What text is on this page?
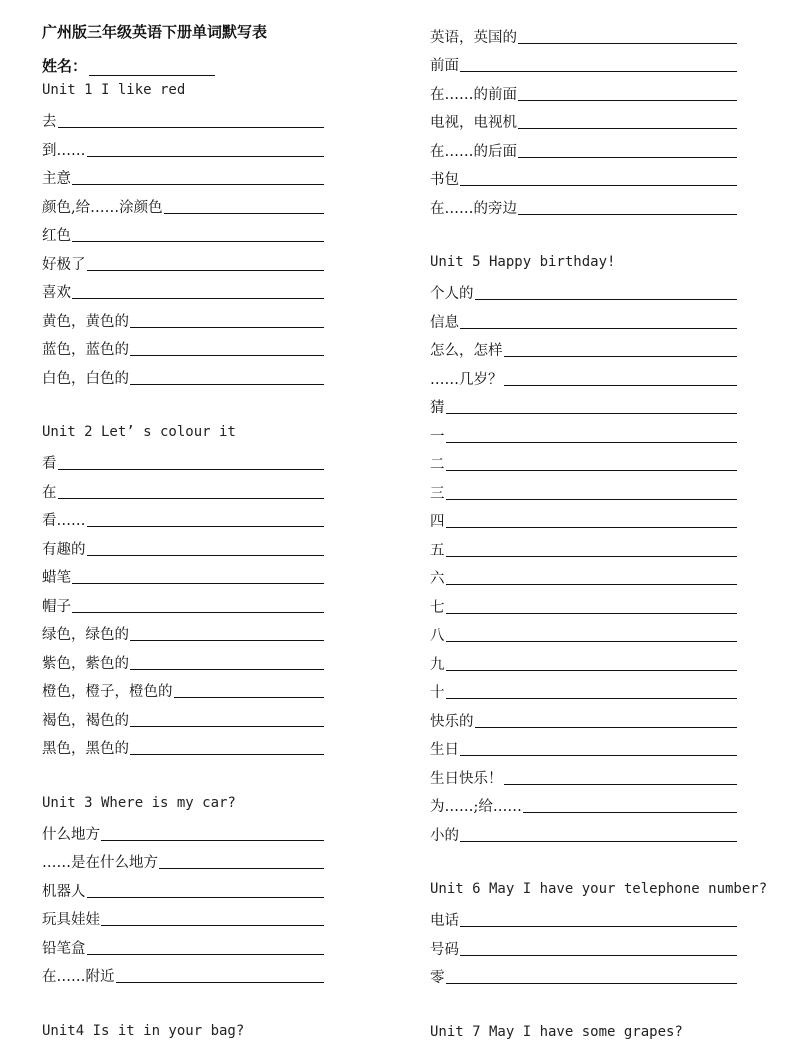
广州版三年级英语下册单词默写表
姓名：
Unit 1 I like red
去
到……
主意
颜色,给……涂颜色
红色
好极了
喜欢
黄色，黄色的
蓝色，蓝色的
白色，白色的
Unit 2 Let’ s colour it
看
在
看……
有趣的
蜡笔
帽子
绿色，绿色的
紫色，紫色的
橙色，橙子，橙色的
褐色，褐色的
黑色，黑色的
Unit 3 Where is my car?
什么地方
……是在什么地方
机器人
玩具娃娃
铅笔盒
在……附近
Unit4 Is it in your bag?
英语，英国的
前面
在……的前面
电视，电视机
在……的后面
书包
在……的旁边
Unit 5 Happy birthday!
个人的
信息
怎么，怎样
……几岁？
猜
一
二
三
四
五
六
七
八
九
十
快乐的
生日
生日快乐！
为……;给……
小的
Unit 6 May I have your telephone number?
电话
号码
零
Unit 7 May I have some grapes?
